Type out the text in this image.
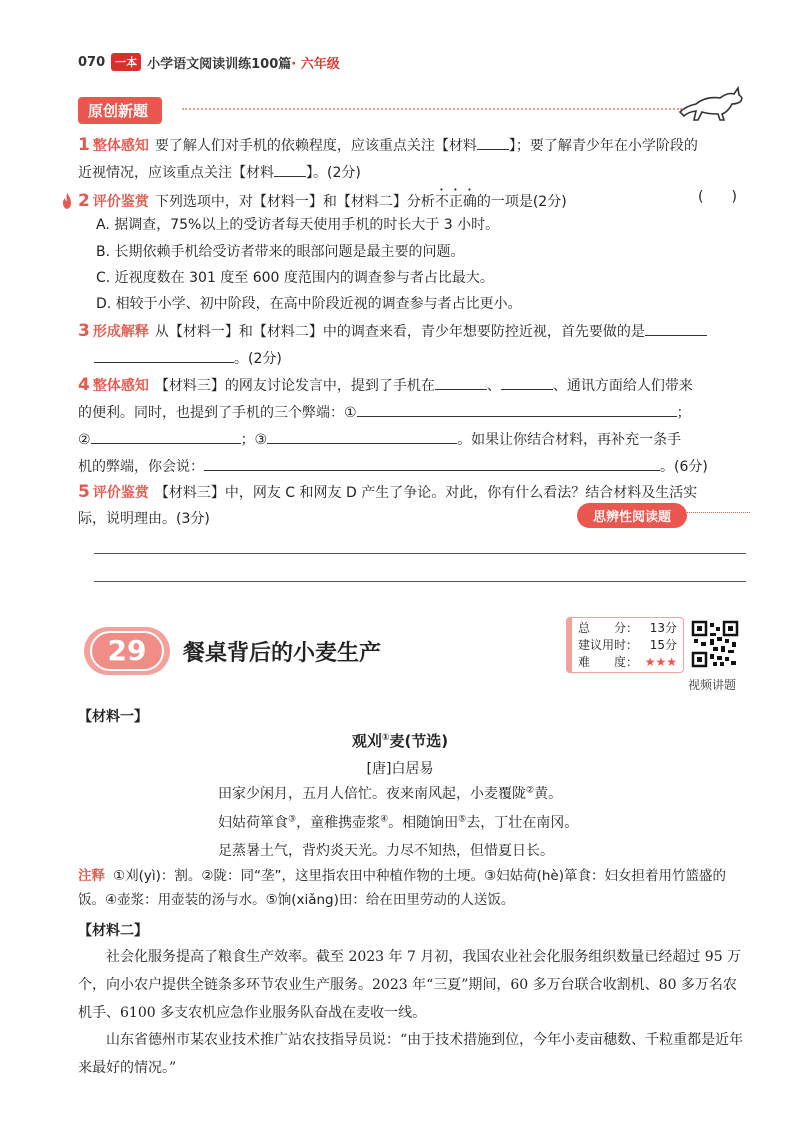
070 一本 小学语文阅读训练100篇 · 六年级
原创新题
1 整体感知 要了解人们对手机的依赖程度，应该重点关注【材料 】；要了解青少年在小学阶段的
近视情况，应该重点关注【材料 】。(2分)
2 评价鉴赏 下列选项中，对【材料一】和【材料二】分析不正确的一项是(2分)	(　　)
A. 据调查，75%以上的受访者每天使用手机的时长大于 3 小时。
B. 长期依赖手机给受访者带来的眼部问题是最主要的问题。
C. 近视度数在 301 度至 600 度范围内的调查参与者占比最大。
D. 相较于小学、初中阶段，在高中阶段近视的调查参与者占比更小。
3 形成解释 从【材料一】和【材料二】中的调查来看，青少年想要防控近视，首先要做的是
。(2分)
4 整体感知 【材料三】的网友讨论发言中，提到了手机在	、	、通讯方面给人们带来
的便利。同时，也提到了手机的三个弊端：①	；
②	；③	。如果让你结合材料，再补充一条手
机的弊端，你会说：	。(6分)
5 评价鉴赏 【材料三】中，网友 C 和网友 D 产生了争论。对此，你有什么看法？结合材料及生活实
际，说明理由。(3分)	思辨性阅读题
29	餐桌背后的小麦生产
总　　分： 13分
建议用时： 15分
难　　度： ★★★
视频讲题
【材料一】
观刈①麦(节选)
[唐]白居易
田家少闲月，五月人倍忙。夜来南风起，小麦覆陇②黄。
妇姑荷箪食③，童稚携壶浆④。相随饷田⑤去，丁壮在南冈。
足蒸暑土气，背灼炎天光。力尽不知热，但惜夏日长。
注释 ①刈(yì)：割。②陇：同“垄”，这里指农田中种植作物的土埂。③妇姑荷(hè)箪食：妇女担着用竹篮盛的饭。④壶浆：用壶装的汤与水。⑤饷(xiǎng)田：给在田里劳动的人送饭。
【材料二】
社会化服务提高了粮食生产效率。截至 2023 年 7 月初，我国农业社会化服务组织数量已经超过 95 万个，向小农户提供全链条多环节农业生产服务。2023 年“三夏”期间，60 多万台联合收割机、80 多万名农机手、6100 多支农机应急作业服务队奋战在麦收一线。
山东省德州市某农业技术推广站农技指导员说：“由于技术措施到位，今年小麦亩穗数、千粒重都是近年来最好的情况。”
